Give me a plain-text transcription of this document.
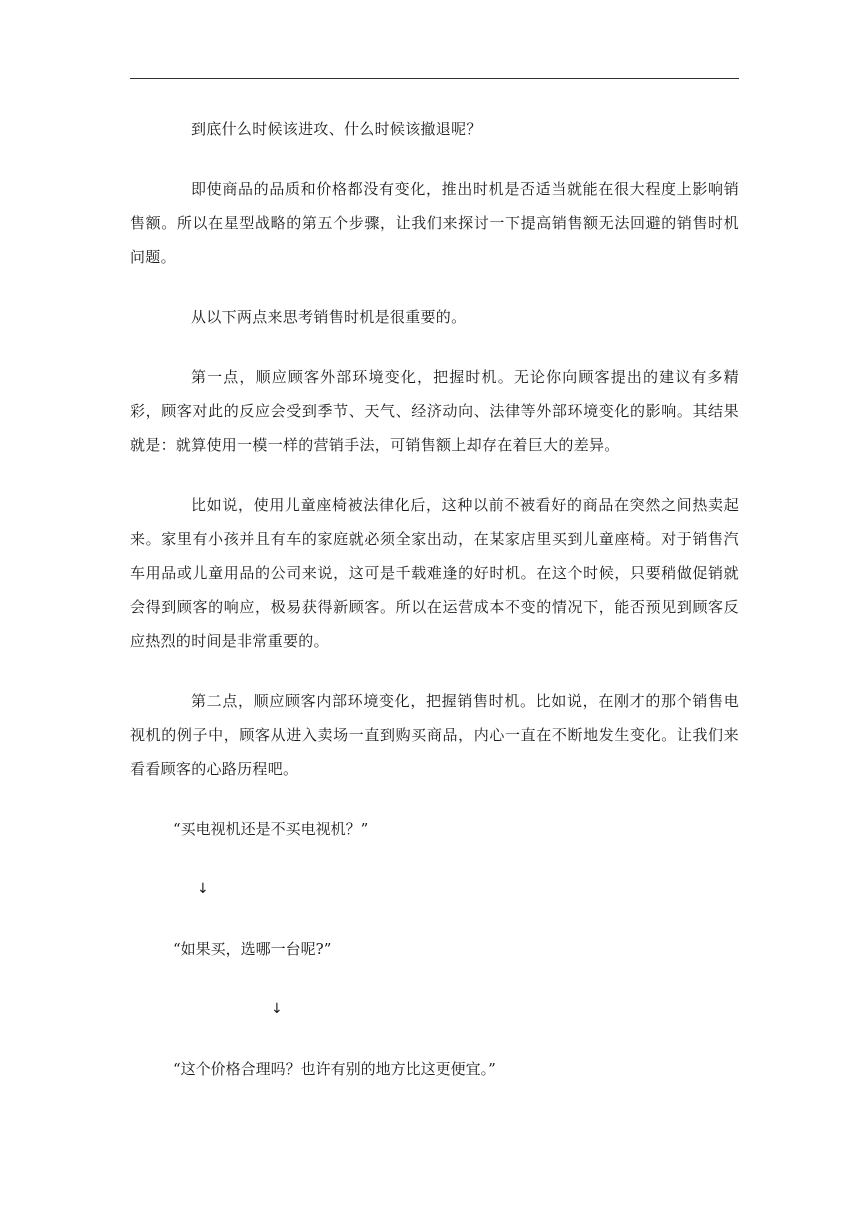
到底什么时候该进攻、什么时候该撤退呢？

即使商品的品质和价格都没有变化，推出时机是否适当就能在很大程度上影响销售额。所以在星型战略的第五个步骤，让我们来探讨一下提高销售额无法回避的销售时机问题。

从以下两点来思考销售时机是很重要的。

第一点，顺应顾客外部环境变化，把握时机。无论你向顾客提出的建议有多精彩，顾客对此的反应会受到季节、天气、经济动向、法律等外部环境变化的影响。其结果就是：就算使用一模一样的营销手法，可销售额上却存在着巨大的差异。

比如说，使用儿童座椅被法律化后，这种以前不被看好的商品在突然之间热卖起来。家里有小孩并且有车的家庭就必须全家出动，在某家店里买到儿童座椅。对于销售汽车用品或儿童用品的公司来说，这可是千载难逢的好时机。在这个时候，只要稍做促销就会得到顾客的响应，极易获得新顾客。所以在运营成本不变的情况下，能否预见到顾客反应热烈的时间是非常重要的。

第二点，顺应顾客内部环境变化，把握销售时机。比如说，在刚才的那个销售电视机的例子中，顾客从进入卖场一直到购买商品，内心一直在不断地发生变化。让我们来看看顾客的心路历程吧。

“买电视机还是不买电视机？”

↓

“如果买，选哪一台呢?”

↓

“这个价格合理吗？也许有别的地方比这更便宜。”
